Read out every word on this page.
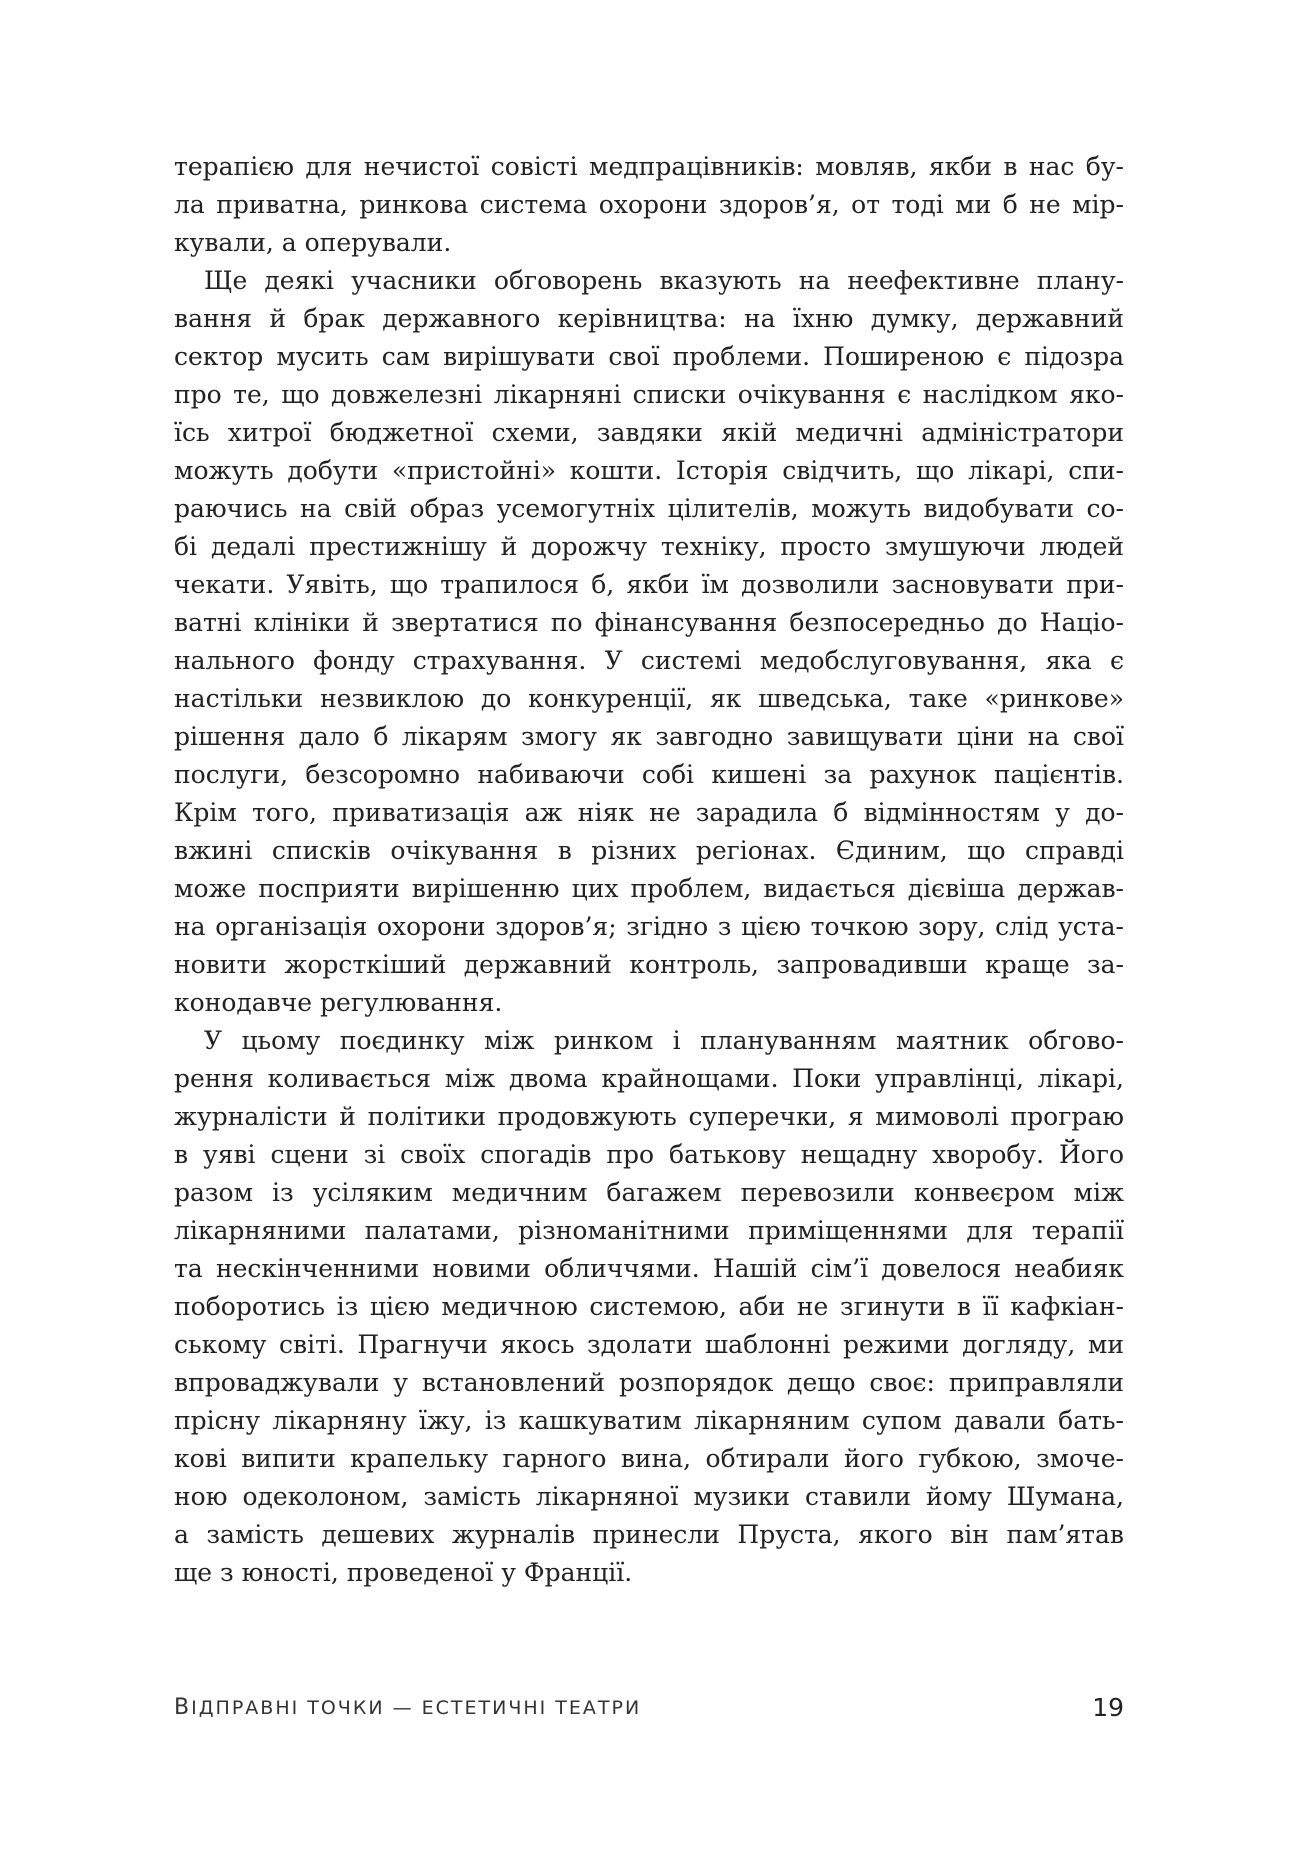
терапією для нечистої совісті медпрацівників: мовляв, якби в нас бу-
ла приватна, ринкова система охорони здоров’я, от тоді ми б не мір-
кували, а оперували.
Ще деякі учасники обговорень вказують на неефективне плану-
вання й брак державного керівництва: на їхню думку, державний
сектор мусить сам вирішувати свої проблеми. Поширеною є підозра
про те, що довжелезні лікарняні списки очікування є наслідком яко-
їсь хитрої бюджетної схеми, завдяки якій медичні адміністратори
можуть добути «пристойні» кошти. Історія свідчить, що лікарі, спи-
раючись на свій образ усемогутніх цілителів, можуть видобувати со-
бі дедалі престижнішу й дорожчу техніку, просто змушуючи людей
чекати. Уявіть, що трапилося б, якби їм дозволили засновувати при-
ватні клініки й звертатися по фінансування безпосередньо до Націо-
нального фонду страхування. У системі медобслуговування, яка є
настільки незвиклою до конкуренції, як шведська, таке «ринкове»
рішення дало б лікарям змогу як завгодно завищувати ціни на свої
послуги, безсоромно набиваючи собі кишені за рахунок пацієнтів.
Крім того, приватизація аж ніяк не зарадила б відмінностям у до-
вжині списків очікування в різних регіонах. Єдиним, що справді
може посприяти вирішенню цих проблем, видається дієвіша держав-
на організація охорони здоров’я; згідно з цією точкою зору, слід уста-
новити жорсткіший державний контроль, запровадивши краще за-
конодавче регулювання.
У цьому поєдинку між ринком і плануванням маятник обгово-
рення коливається між двома крайнощами. Поки управлінці, лікарі,
журналісти й політики продовжують суперечки, я мимоволі програю
в уяві сцени зі своїх спогадів про батькову нещадну хворобу. Його
разом із усіляким медичним багажем перевозили конвеєром між
лікарняними палатами, різноманітними приміщеннями для терапії
та нескінченними новими обличчями. Нашій сім’ї довелося неабияк
поборотись із цією медичною системою, аби не згинути в її кафкіан-
ському світі. Прагнучи якось здолати шаблонні режими догляду, ми
впроваджували у встановлений розпорядок дещо своє: приправляли
прісну лікарняну їжу, із кашкуватим лікарняним супом давали бать-
кові випити крапельку гарного вина, обтирали його губкою, змоче-
ною одеколоном, замість лікарняної музики ставили йому Шумана,
а замість дешевих журналів принесли Пруста, якого він пам’ятав
ще з юності, проведеної у Франції.
ВІДПРАВНІ ТОЧКИ — ЕСТЕТИЧНІ ТЕАТРИ	19
